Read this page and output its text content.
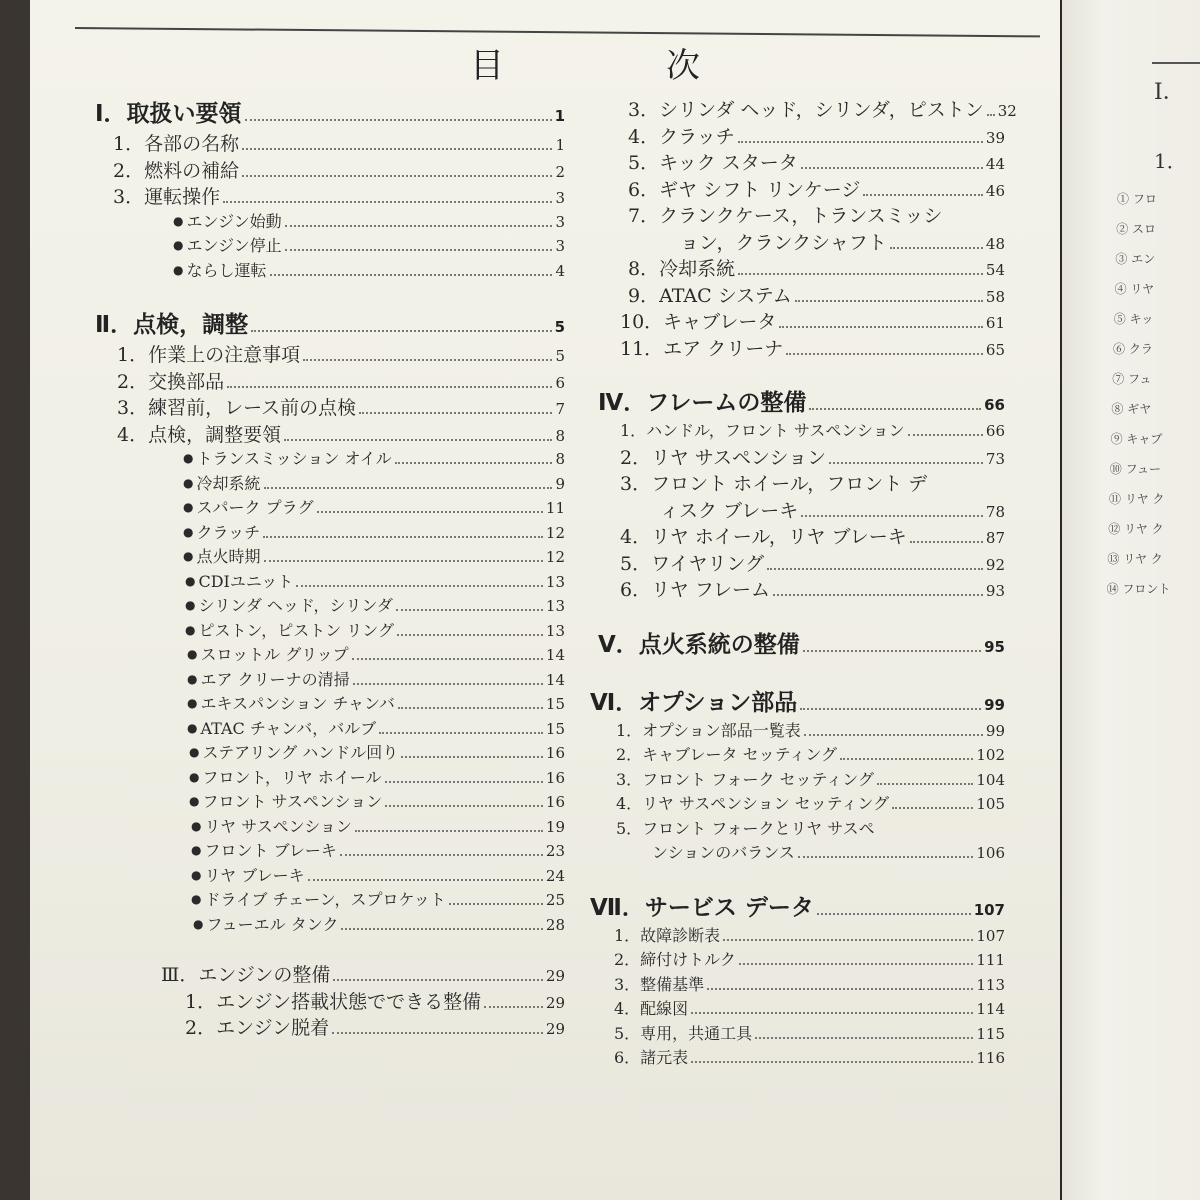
目	次
Ⅰ．取扱い要領	1
1．各部の名称	1
2．燃料の補給	2
3．運転操作	3
● エンジン始動	3
● エンジン停止	3
● ならし運転	4
Ⅱ．点検，調整	5
1．作業上の注意事項	5
2．交換部品	6
3．練習前，レース前の点検	7
4．点検，調整要領	8
● トランスミッション オイル	8
● 冷却系統	9
● スパーク プラグ	11
● クラッチ	12
● 点火時期	12
● CDIユニット	13
● シリンダ ヘッド，シリンダ	13
● ピストン，ピストン リング	13
● スロットル グリップ	14
● エア クリーナの清掃	14
● エキスパンション チャンバ	15
● ATAC チャンバ，バルブ	15
● ステアリング ハンドル回り	16
● フロント，リヤ ホイール	16
● フロント サスペンション	16
● リヤ サスペンション	19
● フロント ブレーキ	23
● リヤ ブレーキ	24
● ドライブ チェーン，スプロケット	25
● フューエル タンク	28
Ⅲ．エンジンの整備	29
1．エンジン搭載状態でできる整備	29
2．エンジン脱着	29
3．シリンダ ヘッド，シリンダ，ピストン 32
4．クラッチ	39
5．キック スタータ	44
6．ギヤ シフト リンケージ	46
7．クランクケース，トランスミッシ
ョン，クランクシャフト	48
8．冷却系統	54
9．ATAC システム	58
10．キャブレータ	61
11．エア クリーナ	65
Ⅳ．フレームの整備	66
1．ハンドル，フロント サスペンション	66
2．リヤ サスペンション	73
3．フロント ホイール，フロント デ
ィスク ブレーキ	78
4．リヤ ホイール，リヤ ブレーキ	87
5．ワイヤリング	92
6．リヤ フレーム	93
Ⅴ．点火系統の整備	95
Ⅵ．オプション部品	99
1．オプション部品一覧表	99
2．キャブレータ セッティング	102
3．フロント フォーク セッティング	104
4．リヤ サスペンション セッティング	105
5．フロント フォークとリヤ サスペ
ンションのバランス	106
Ⅶ．サービス データ	107
1．故障診断表	107
2．締付けトルク	111
3．整備基準	113
4．配線図	114
5．専用，共通工具	115
6．諸元表	116
Ⅰ．
1．
① フロ
② スロ
③ エン
④ リヤ
⑤ キッ
⑥ クラ
⑦ フュ
⑧ ギヤ
⑨ キャブ
⑩ フュー
⑪ リヤ ク
⑫ リヤ ク
⑬ リヤ ク
⑭ フロント
